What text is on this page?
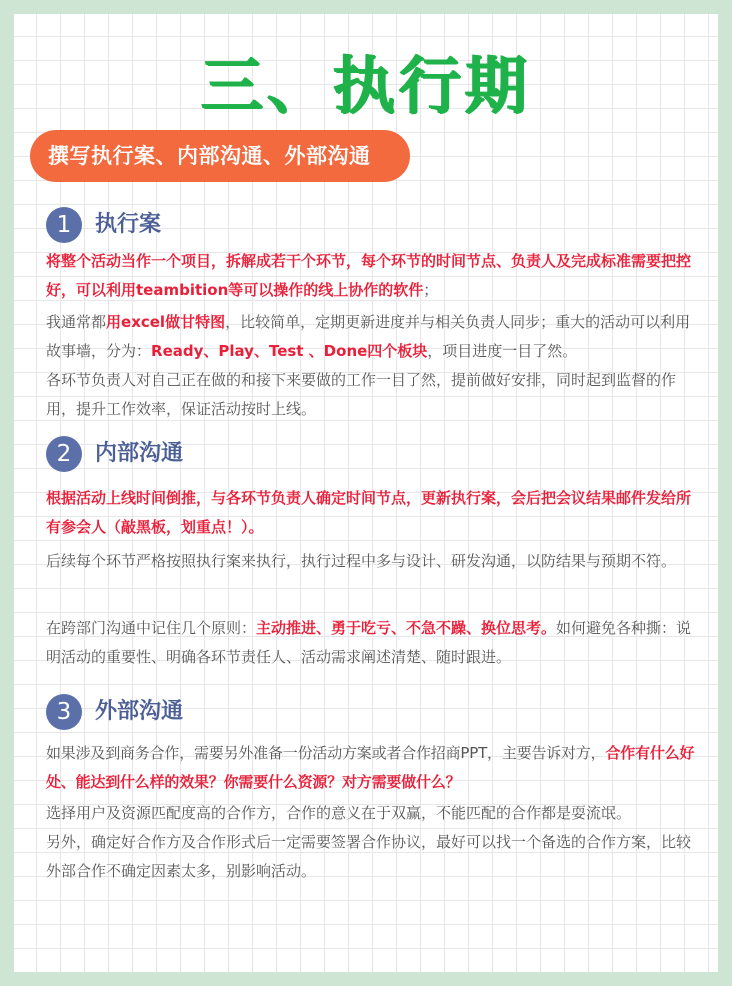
三、执行期
撰写执行案、内部沟通、外部沟通
1	执行案
将整个活动当作一个项目，拆解成若干个环节，每个环节的时间节点、负责人及完成标准需要把控好，可以利用teambition等可以操作的线上协作的软件；
我通常都用excel做甘特图，比较简单，定期更新进度并与相关负责人同步；重大的活动可以利用故事墙，分为：Ready、Play、Test 、Done四个板块，项目进度一目了然。
各环节负责人对自己正在做的和接下来要做的工作一目了然，提前做好安排，同时起到监督的作用，提升工作效率，保证活动按时上线。
2	内部沟通
根据活动上线时间倒推，与各环节负责人确定时间节点，更新执行案，会后把会议结果邮件发给所有参会人（敲黑板，划重点！）。
后续每个环节严格按照执行案来执行，执行过程中多与设计、研发沟通，以防结果与预期不符。
在跨部门沟通中记住几个原则：主动推进、勇于吃亏、不急不躁、换位思考。如何避免各种撕：说明活动的重要性、明确各环节责任人、活动需求阐述清楚、随时跟进。
3	外部沟通
如果涉及到商务合作，需要另外准备一份活动方案或者合作招商PPT，主要告诉对方，合作有什么好处、能达到什么样的效果？你需要什么资源？对方需要做什么？
选择用户及资源匹配度高的合作方，合作的意义在于双赢，不能匹配的合作都是耍流氓。
另外，确定好合作方及合作形式后一定需要签署合作协议，最好可以找一个备选的合作方案，比较外部合作不确定因素太多，别影响活动。
